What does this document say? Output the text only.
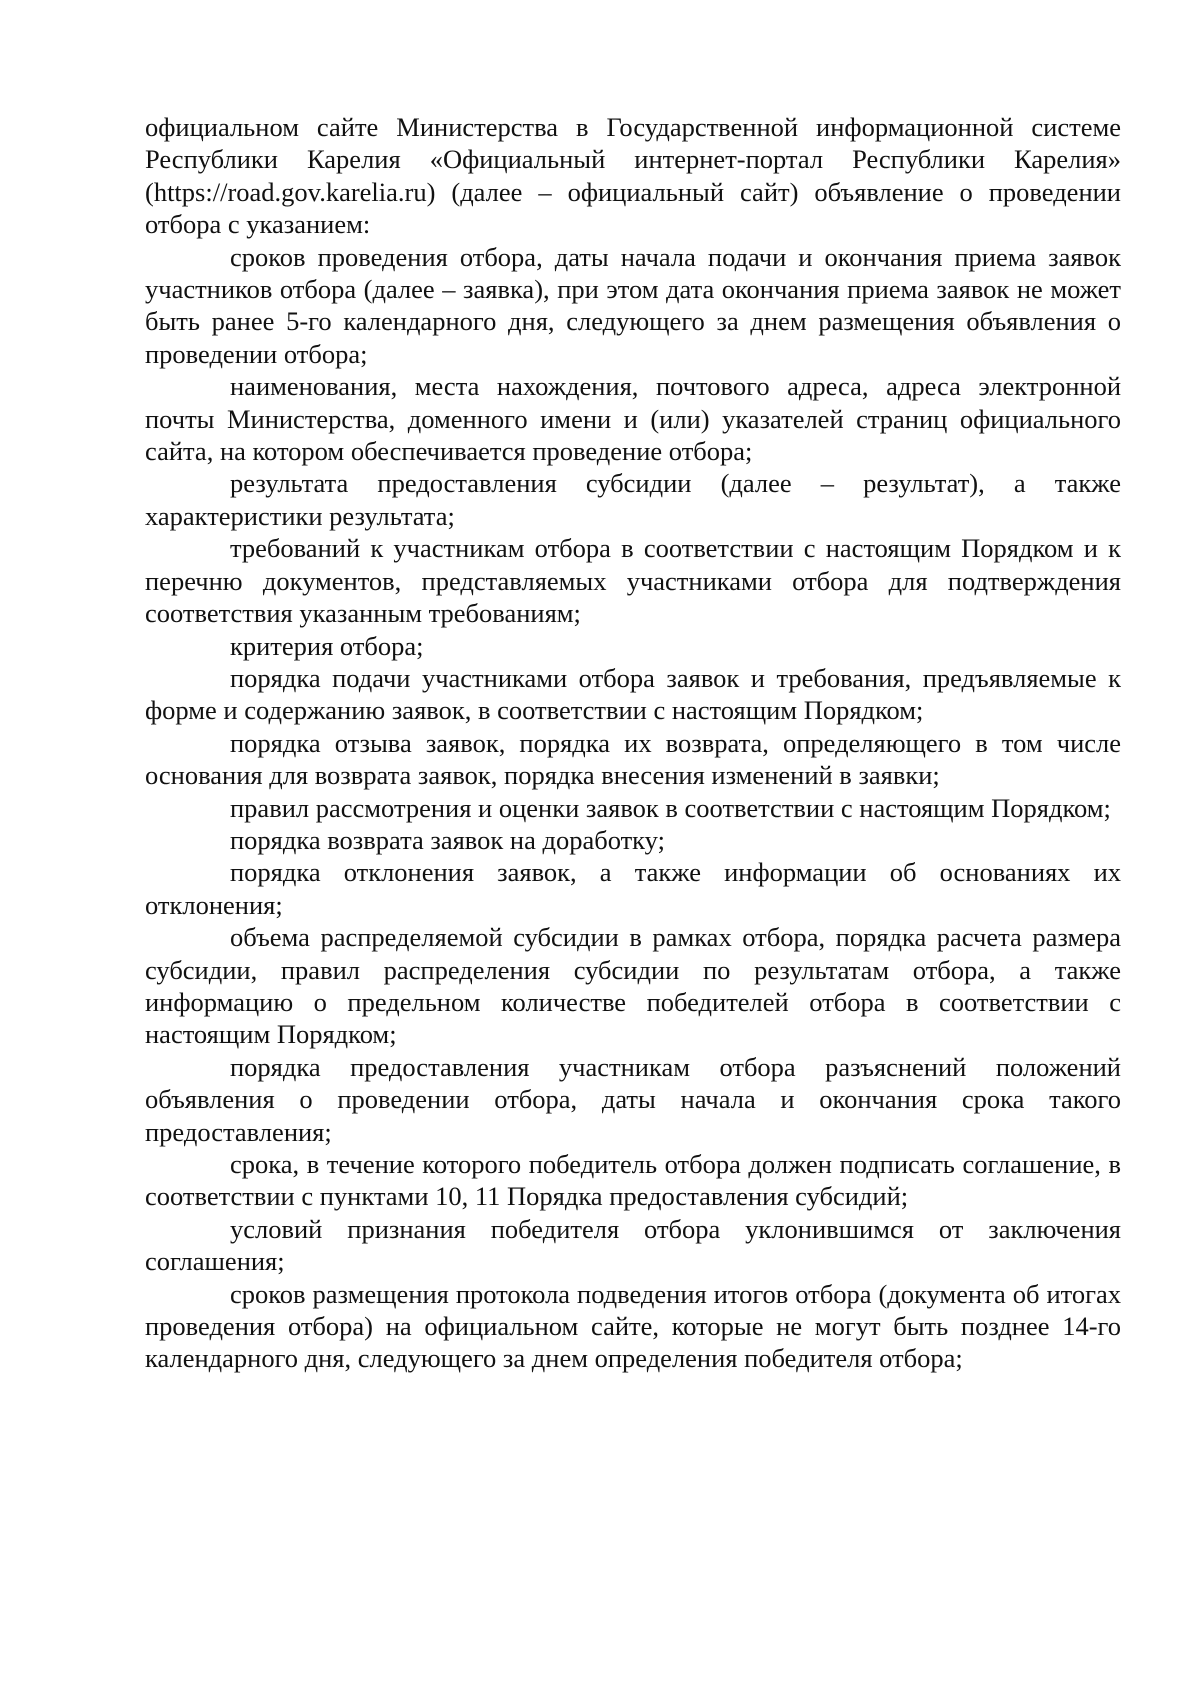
официальном сайте Министерства в Государственной информационной системе Республики Карелия «Официальный интернет-портал Республики Карелия» (https://road.gov.karelia.ru) (далее – официальный сайт) объявление о проведении отбора с указанием:

сроков проведения отбора, даты начала подачи и окончания приема заявок участников отбора (далее – заявка), при этом дата окончания приема заявок не может быть ранее 5-го календарного дня, следующего за днем размещения объявления о проведении отбора;

наименования, места нахождения, почтового адреса, адреса электронной почты Министерства, доменного имени и (или) указателей страниц официального сайта, на котором обеспечивается проведение отбора;

результата предоставления субсидии (далее – результат), а также характеристики результата;

требований к участникам отбора в соответствии с настоящим Порядком и к перечню документов, представляемых участниками отбора для подтверждения соответствия указанным требованиям;

критерия отбора;

порядка подачи участниками отбора заявок и требования, предъявляемые к форме и содержанию заявок, в соответствии с настоящим Порядком;

порядка отзыва заявок, порядка их возврата, определяющего в том числе основания для возврата заявок, порядка внесения изменений в заявки;

правил рассмотрения и оценки заявок в соответствии с настоящим Порядком;

порядка возврата заявок на доработку;

порядка отклонения заявок, а также информации об основаниях их отклонения;

объема распределяемой субсидии в рамках отбора, порядка расчета размера субсидии, правил распределения субсидии по результатам отбора, а также информацию о предельном количестве победителей отбора в соответствии с настоящим Порядком;

порядка предоставления участникам отбора разъяснений положений объявления о проведении отбора, даты начала и окончания срока такого предоставления;

срока, в течение которого победитель отбора должен подписать соглашение, в соответствии с пунктами 10, 11 Порядка предоставления субсидий;

условий признания победителя отбора уклонившимся от заключения соглашения;

сроков размещения протокола подведения итогов отбора (документа об итогах проведения отбора) на официальном сайте, которые не могут быть позднее 14-го календарного дня, следующего за днем определения победителя отбора;
